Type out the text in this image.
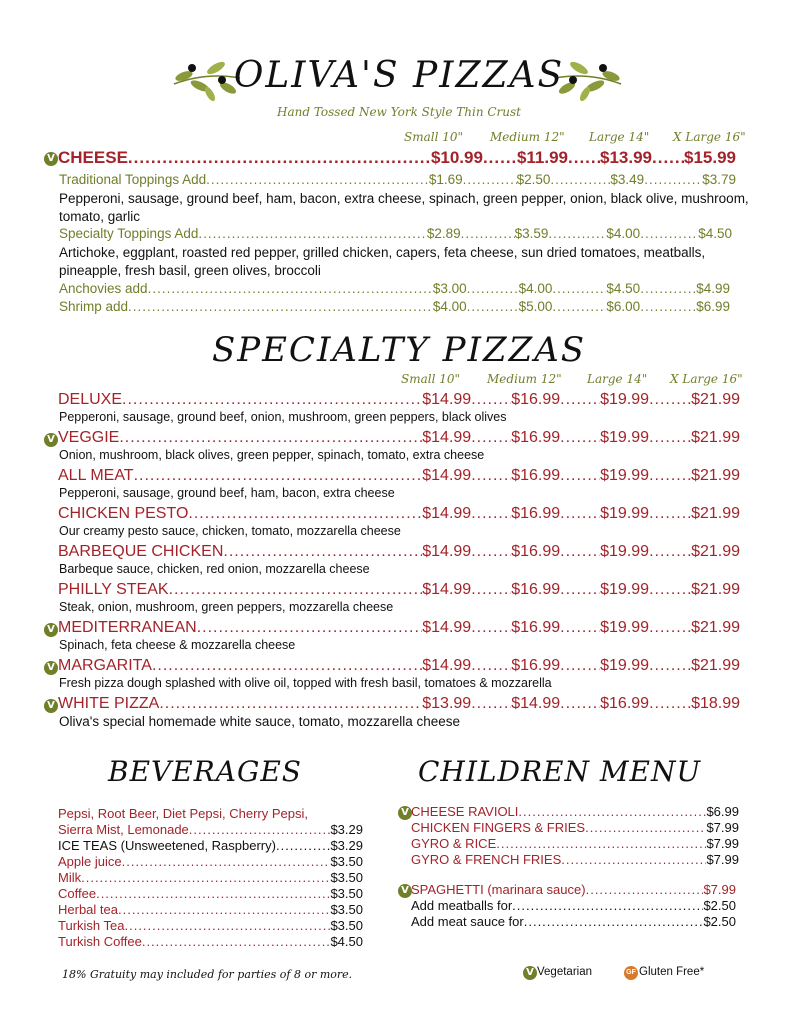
OLIVA'S PIZZAS
Hand Tossed New York Style Thin Crust
Small 10" Medium 12" Large 14" X Large 16"
V CHEESE .....	$10.99 ..... $11.99 ..... $13.99 ..... $15.99
Traditional Toppings Add .....	$1.69 .....	$2.50 .....	$3.49 .....	$3.79
Pepperoni, sausage, ground beef, ham, bacon, extra cheese, spinach, green pepper, onion, black olive, mushroom, tomato, garlic
Specialty Toppings Add .....	$2.89 .....	$3.59 .....	$4.00 .....	$4.50
Artichoke, eggplant, roasted red pepper, grilled chicken, capers, feta cheese, sun dried tomatoes, meatballs, pineapple, fresh basil, green olives, broccoli
Anchovies add .....	$3.00 .....	$4.00 .....	$4.50 .....	$4.99
Shrimp add .....	$4.00 .....	$5.00 .....	$6.00 .....	$6.99
SPECIALTY PIZZAS
Small 10" Medium 12" Large 14" X Large 16"
DELUXE .....	$14.99 .....	$16.99 .....	$19.99 .....	$21.99
Pepperoni, sausage, ground beef, onion, mushroom, green peppers, black olives
V VEGGIE .....	$14.99 .....	$16.99 .....	$19.99 .....	$21.99
Onion, mushroom, black olives, green pepper, spinach, tomato, extra cheese
ALL MEAT .....	$14.99 .....	$16.99 .....	$19.99 .....	$21.99
Pepperoni, sausage, ground beef, ham, bacon, extra cheese
CHICKEN PESTO .....	$14.99 .....	$16.99 .....	$19.99 .....	$21.99
Our creamy pesto sauce, chicken, tomato, mozzarella cheese
BARBEQUE CHICKEN .....	$14.99 .....	$16.99 .....	$19.99 .....	$21.99
Barbeque sauce, chicken, red onion, mozzarella cheese
PHILLY STEAK .....	$14.99 .....	$16.99 .....	$19.99 .....	$21.99
Steak, onion, mushroom, green peppers, mozzarella cheese
V MEDITERRANEAN .....	$14.99 .....	$16.99 .....	$19.99 .....	$21.99
Spinach, feta cheese & mozzarella cheese
V MARGARITA .....	$14.99 .....	$16.99 .....	$19.99 .....	$21.99
Fresh pizza dough splashed with olive oil, topped with fresh basil, tomatoes & mozzarella
V WHITE PIZZA .....	$13.99 .....	$14.99 .....	$16.99 .....	$18.99
Oliva's special homemade white sauce, tomato, mozzarella cheese
BEVERAGES
Pepsi, Root Beer, Diet Pepsi, Cherry Pepsi,
Sierra Mist, Lemonade .....	$3.29
ICE TEAS (Unsweetened, Raspberry) .....	$3.29
Apple juice .....	$3.50
Milk .....	$3.50
Coffee .....	$3.50
Herbal tea .....	$3.50
Turkish Tea .....	$3.50
Turkish Coffee .....	$4.50
CHILDREN MENU
V CHEESE RAVIOLI .....	$6.99
CHICKEN FINGERS & FRIES .....	$7.99
GYRO & RICE .....	$7.99
GYRO & FRENCH FRIES .....	$7.99
V SPAGHETTI (marinara sauce) .....	$7.99
Add meatballs for .....	$2.50
Add meat sauce for .....	$2.50
18% Gratuity may included for parties of 8 or more.	V Vegetarian	GF Gluten Free*
